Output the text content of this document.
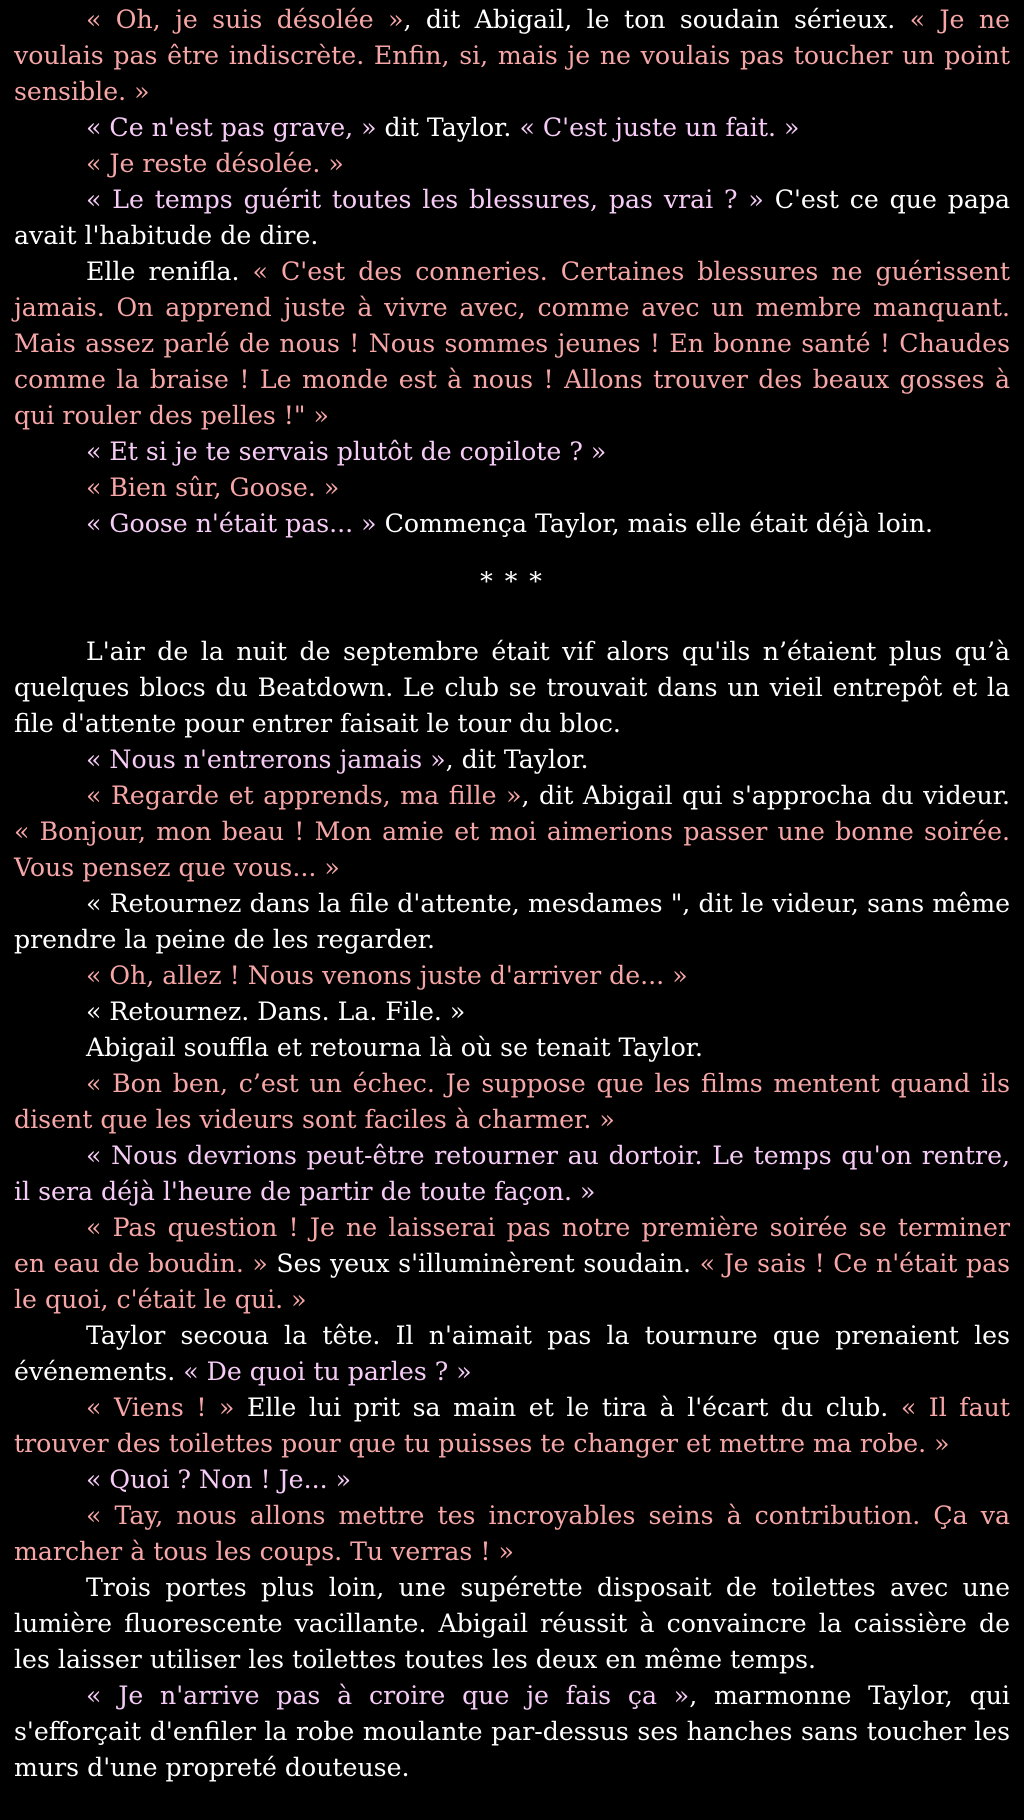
« Oh, je suis désolée », dit Abigail, le ton soudain sérieux. « Je ne voulais pas être indiscrète. Enfin, si, mais je ne voulais pas toucher un point sensible. »

« Ce n'est pas grave, » dit Taylor. « C'est juste un fait. »

« Je reste désolée. »

« Le temps guérit toutes les blessures, pas vrai ? » C'est ce que papa avait l'habitude de dire.

Elle renifla. « C'est des conneries. Certaines blessures ne guérissent jamais. On apprend juste à vivre avec, comme avec un membre manquant. Mais assez parlé de nous ! Nous sommes jeunes ! En bonne santé ! Chaudes comme la braise ! Le monde est à nous ! Allons trouver des beaux gosses à qui rouler des pelles !" »

« Et si je te servais plutôt de copilote ? »

« Bien sûr, Goose. »

« Goose n'était pas... » Commença Taylor, mais elle était déjà loin.

* * *

L'air de la nuit de septembre était vif alors qu'ils n’étaient plus qu’à quelques blocs du Beatdown. Le club se trouvait dans un vieil entrepôt et la file d'attente pour entrer faisait le tour du bloc.

« Nous n'entrerons jamais », dit Taylor.

« Regarde et apprends, ma fille », dit Abigail qui s'approcha du videur. « Bonjour, mon beau ! Mon amie et moi aimerions passer une bonne soirée. Vous pensez que vous... »

« Retournez dans la file d'attente, mesdames ", dit le videur, sans même prendre la peine de les regarder.

« Oh, allez ! Nous venons juste d'arriver de... »

« Retournez. Dans. La. File. »

Abigail souffla et retourna là où se tenait Taylor.

« Bon ben, c’est un échec. Je suppose que les films mentent quand ils disent que les videurs sont faciles à charmer. »

« Nous devrions peut-être retourner au dortoir. Le temps qu'on rentre, il sera déjà l'heure de partir de toute façon. »

« Pas question ! Je ne laisserai pas notre première soirée se terminer en eau de boudin. » Ses yeux s'illuminèrent soudain. « Je sais ! Ce n'était pas le quoi, c'était le qui. »

Taylor secoua la tête. Il n'aimait pas la tournure que prenaient les événements. « De quoi tu parles ? »

« Viens ! » Elle lui prit sa main et le tira à l'écart du club. « Il faut trouver des toilettes pour que tu puisses te changer et mettre ma robe. »

« Quoi ? Non ! Je... »

« Tay, nous allons mettre tes incroyables seins à contribution. Ça va marcher à tous les coups. Tu verras ! »

Trois portes plus loin, une supérette disposait de toilettes avec une lumière fluorescente vacillante. Abigail réussit à convaincre la caissière de les laisser utiliser les toilettes toutes les deux en même temps.

« Je n'arrive pas à croire que je fais ça », marmonne Taylor, qui s'efforçait d'enfiler la robe moulante par-dessus ses hanches sans toucher les murs d'une propreté douteuse.
